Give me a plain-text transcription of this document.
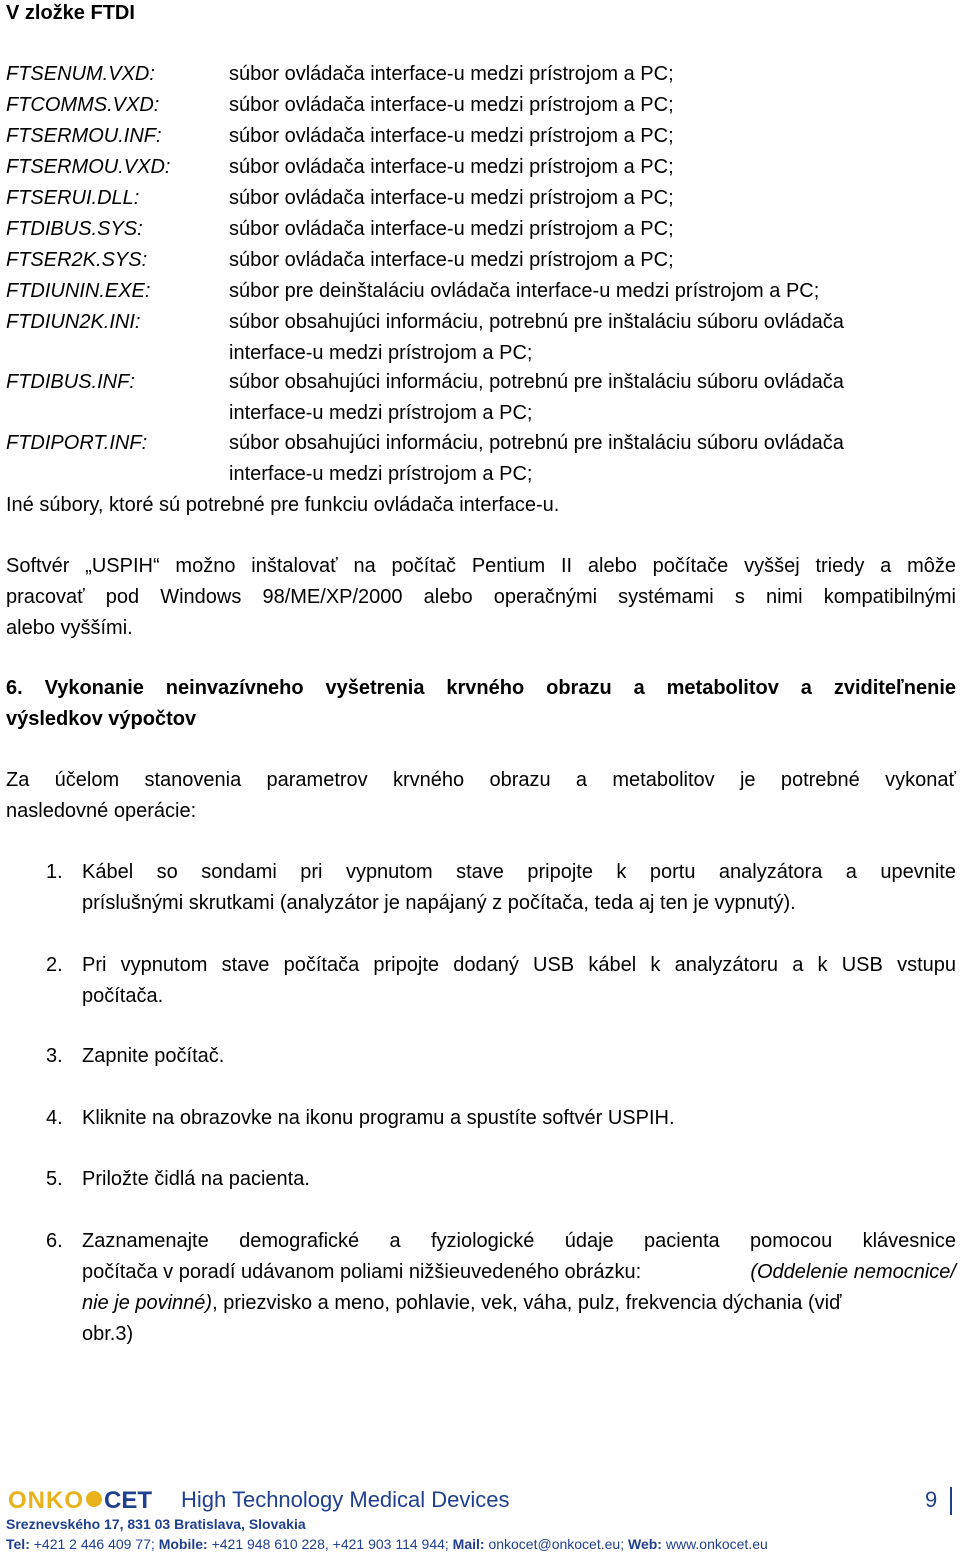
V zložke FTDI
FTSENUM.VXD:	súbor ovládača interface-u medzi prístrojom a PC;
FTCOMMS.VXD:	súbor ovládača interface-u medzi prístrojom a PC;
FTSERMOU.INF:	súbor ovládača interface-u medzi prístrojom a PC;
FTSERMOU.VXD:	súbor ovládača interface-u medzi prístrojom a PC;
FTSERUI.DLL:	súbor ovládača interface-u medzi prístrojom a PC;
FTDIBUS.SYS:	súbor ovládača interface-u medzi prístrojom a PC;
FTSER2K.SYS:	súbor ovládača interface-u medzi prístrojom a PC;
FTDIUNIN.EXE:	súbor pre deinštaláciu ovládača interface-u medzi prístrojom a PC;
FTDIUN2K.INI:	súbor obsahujúci informáciu, potrebnú pre inštaláciu súboru ovládača
interface-u medzi prístrojom a PC;
FTDIBUS.INF:	súbor obsahujúci informáciu, potrebnú pre inštaláciu súboru ovládača
interface-u medzi prístrojom a PC;
FTDIPORT.INF:	súbor obsahujúci informáciu, potrebnú pre inštaláciu súboru ovládača
interface-u medzi prístrojom a PC;
Iné súbory, ktoré sú potrebné pre funkciu ovládača interface-u.
Softvér „USPIH“ možno inštalovať na počítač Pentium II alebo počítače vyššej triedy a môže
pracovať pod Windows 98/ME/XP/2000 alebo operačnými systémami s nimi kompatibilnými
alebo vyššími.
6. Vykonanie neinvazívneho vyšetrenia krvného obrazu a metabolitov a zviditeľnenie
výsledkov výpočtov
Za účelom stanovenia parametrov krvného obrazu a metabolitov je potrebné vykonať
nasledovné operácie:
1. Kábel so sondami pri vypnutom stave pripojte k portu analyzátora a upevnite
príslušnými skrutkami (analyzátor je napájaný z počítača, teda aj ten je vypnutý).
2. Pri vypnutom stave počítača pripojte dodaný USB kábel k analyzátoru a k USB vstupu
počítača.
3. Zapnite počítač.
4. Kliknite na obrazovke na ikonu programu a spustíte softvér USPIH.
5. Priložte čidlá na pacienta.
6. Zaznamenajte demografické a fyziologické údaje pacienta pomocou klávesnice
počítača v poradí udávanom poliami nižšieuvedeného obrázku:	(Oddelenie nemocnice/
nie je povinné), priezvisko a meno, pohlavie, vek, váha, pulz, frekvencia dýchania (viď
obr.3)
ONKO CET High Technology Medical Devices	9
Sreznevského 17, 831 03 Bratislava, Slovakia
Tel: +421 2 446 409 77; Mobile: +421 948 610 228, +421 903 114 944; Mail: onkocet@onkocet.eu; Web: www.onkocet.eu
